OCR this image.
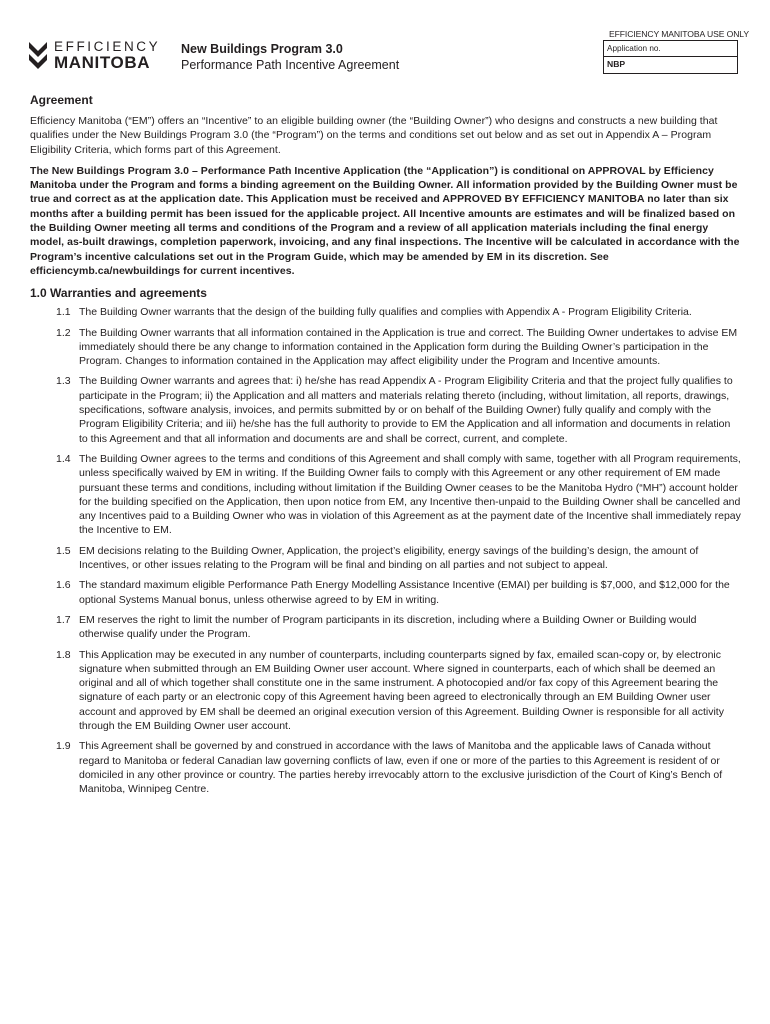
EFFICIENCY
MANITOBA
New Buildings Program 3.0
Performance Path Incentive Agreement
EFFICIENCY MANITOBA USE ONLY
Application no.
NBP
Agreement

Efficiency Manitoba (“EM”) offers an “Incentive” to an eligible building owner (the “Building Owner”) who designs and constructs a new building that qualifies under the New Buildings Program 3.0 (the “Program”) on the terms and conditions set out below and as set out in Appendix A – Program Eligibility Criteria, which forms part of this Agreement.

The New Buildings Program 3.0 – Performance Path Incentive Application (the “Application”) is conditional on APPROVAL by Efficiency Manitoba under the Program and forms a binding agreement on the Building Owner. All information provided by the Building Owner must be true and correct as at the application date. This Application must be received and APPROVED BY EFFICIENCY MANITOBA no later than six months after a building permit has been issued for the applicable project. All Incentive amounts are estimates and will be finalized based on the Building Owner meeting all terms and conditions of the Program and a review of all application materials including the final energy model, as-built drawings, completion paperwork, invoicing, and any final inspections. The Incentive will be calculated in accordance with the Program’s incentive calculations set out in the Program Guide, which may be amended by EM in its discretion. See efficiencymb.ca/newbuildings for current incentives.

1.0 Warranties and agreements
1.1 The Building Owner warrants that the design of the building fully qualifies and complies with Appendix A - Program Eligibility Criteria.
1.2 The Building Owner warrants that all information contained in the Application is true and correct. The Building Owner undertakes to advise EM immediately should there be any change to information contained in the Application form during the Building Owner’s participation in the Program. Changes to information contained in the Application may affect eligibility under the Program and Incentive amounts.
1.3 The Building Owner warrants and agrees that: i) he/she has read Appendix A - Program Eligibility Criteria and that the project fully qualifies to participate in the Program; ii) the Application and all matters and materials relating thereto (including, without limitation, all reports, drawings, specifications, software analysis, invoices, and permits submitted by or on behalf of the Building Owner) fully qualify and comply with the Program Eligibility Criteria; and iii) he/she has the full authority to provide to EM the Application and all information and documents in relation to this Agreement and that all information and documents are and shall be correct, current, and complete.
1.4 The Building Owner agrees to the terms and conditions of this Agreement and shall comply with same, together with all Program requirements, unless specifically waived by EM in writing. If the Building Owner fails to comply with this Agreement or any other requirement of EM made pursuant these terms and conditions, including without limitation if the Building Owner ceases to be the Manitoba Hydro (“MH”) account holder for the building specified on the Application, then upon notice from EM, any Incentive then-unpaid to the Building Owner shall be cancelled and any Incentives paid to a Building Owner who was in violation of this Agreement as at the payment date of the Incentive shall immediately repay the Incentive to EM.
1.5 EM decisions relating to the Building Owner, Application, the project’s eligibility, energy savings of the building’s design, the amount of Incentives, or other issues relating to the Program will be final and binding on all parties and not subject to appeal.
1.6 The standard maximum eligible Performance Path Energy Modelling Assistance Incentive (EMAI) per building is $7,000, and $12,000 for the optional Systems Manual bonus, unless otherwise agreed to by EM in writing.
1.7 EM reserves the right to limit the number of Program participants in its discretion, including where a Building Owner or Building would otherwise qualify under the Program.
1.8 This Application may be executed in any number of counterparts, including counterparts signed by fax, emailed scan-copy or, by electronic signature when submitted through an EM Building Owner user account. Where signed in counterparts, each of which shall be deemed an original and all of which together shall constitute one in the same instrument. A photocopied and/or fax copy of this Agreement bearing the signature of each party or an electronic copy of this Agreement having been agreed to electronically through an EM Building Owner user account and approved by EM shall be deemed an original execution version of this Agreement. Building Owner is responsible for all activity through the EM Building Owner user account.
1.9 This Agreement shall be governed by and construed in accordance with the laws of Manitoba and the applicable laws of Canada without regard to Manitoba or federal Canadian law governing conflicts of law, even if one or more of the parties to this Agreement is resident of or domiciled in any other province or country. The parties hereby irrevocably attorn to the exclusive jurisdiction of the Court of King’s Bench of Manitoba, Winnipeg Centre.
